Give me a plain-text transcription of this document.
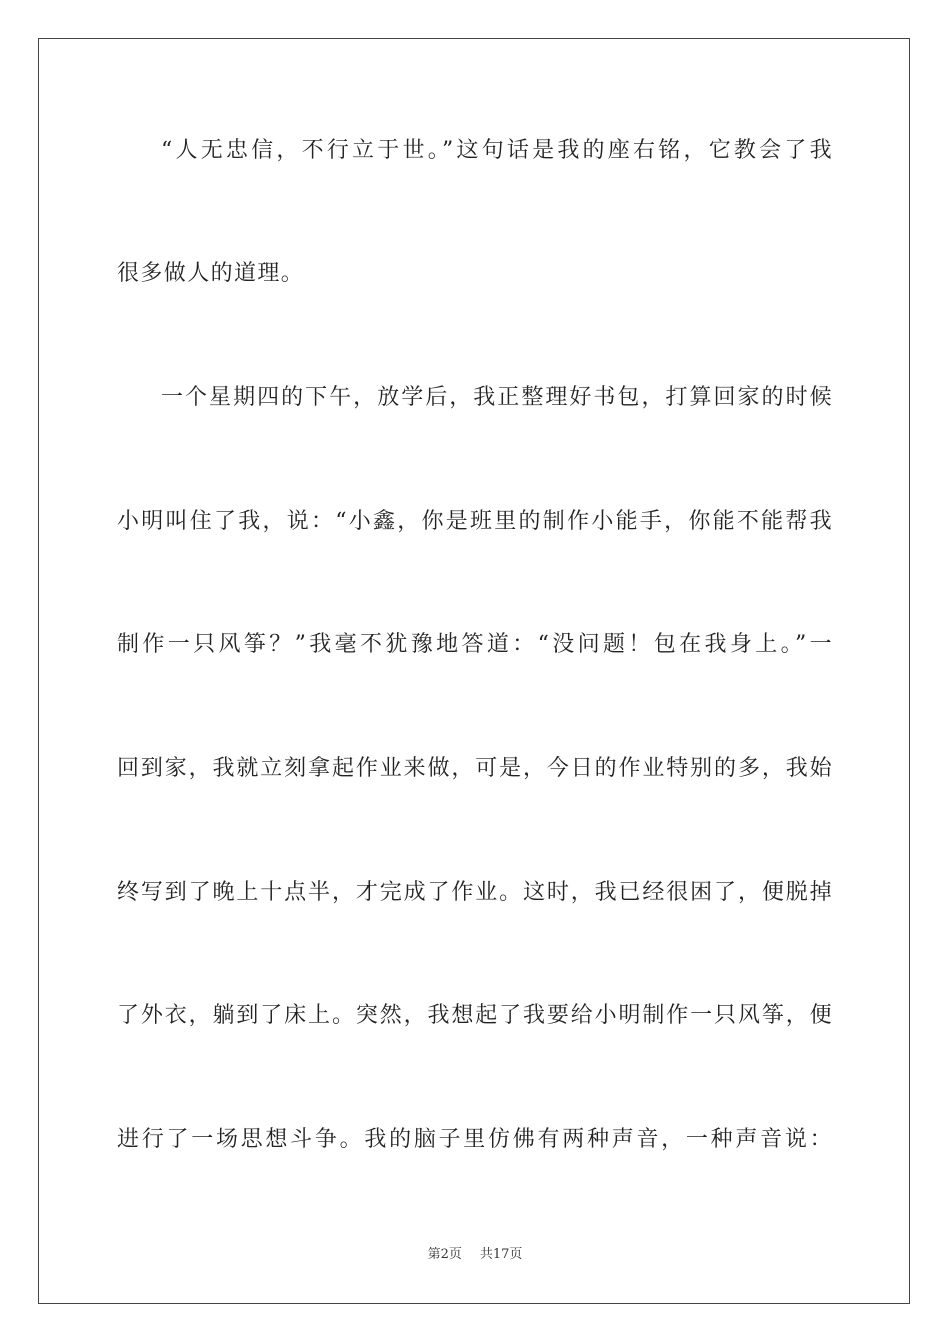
“人无忠信，不行立于世。”这句话是我的座右铭，它教会了我
很多做人的道理。
一个星期四的下午，放学后，我正整理好书包，打算回家的时候
小明叫住了我，说：“小鑫，你是班里的制作小能手，你能不能帮我
制作一只风筝？”我毫不犹豫地答道：“没问题！包在我身上。”一
回到家，我就立刻拿起作业来做，可是，今日的作业特别的多，我始
终写到了晚上十点半，才完成了作业。这时，我已经很困了，便脱掉
了外衣，躺到了床上。突然，我想起了我要给小明制作一只风筝，便
进行了一场思想斗争。我的脑子里仿佛有两种声音，一种声音说：
第2页 共17页
